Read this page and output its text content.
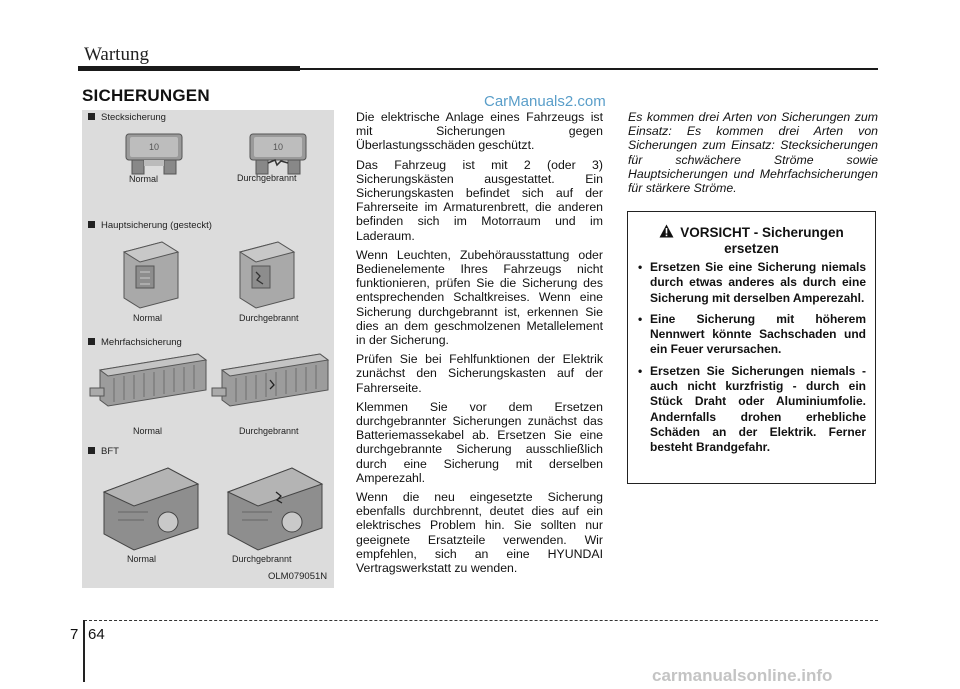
Wartung
SICHERUNGEN	CarManuals2.com
Stecksicherung
10	10
Normal	Durchgebrannt
Hauptsicherung (gesteckt)
Normal	Durchgebrannt
Mehrfachsicherung
Normal	Durchgebrannt
BFT
Normal	Durchgebrannt
OLM079051N

Die elektrische Anlage eines Fahrzeugs ist mit Sicherungen gegen Überlastungsschäden geschützt.

Das Fahrzeug ist mit 2 (oder 3) Sicherungskästen ausgestattet. Ein Sicherungskasten befindet sich auf der Fahrerseite im Armaturenbrett, die anderen befinden sich im Motorraum und im Laderaum.

Wenn Leuchten, Zubehörausstattung oder Bedienelemente Ihres Fahrzeugs nicht funktionieren, prüfen Sie die Sicherung des entsprechenden Schaltkreises. Wenn eine Sicherung durchgebrannt ist, erkennen Sie dies an dem geschmolzenen Metallelement in der Sicherung.

Prüfen Sie bei Fehlfunktionen der Elektrik zunächst den Sicherungskasten auf der Fahrerseite.

Klemmen Sie vor dem Ersetzen durchgebrannter Sicherungen zunächst das Batteriemassekabel ab. Ersetzen Sie eine durchgebrannte Sicherung ausschließlich durch eine Sicherung mit derselben Amperezahl.

Wenn die neu eingesetzte Sicherung ebenfalls durchbrennt, deutet dies auf ein elektrisches Problem hin. Sie sollten nur geeignete Ersatzteile verwenden. Wir empfehlen, sich an eine HYUNDAI Vertragswerkstatt zu wenden.

Es kommen drei Arten von Sicherungen zum Einsatz: Es kommen drei Arten von Sicherungen zum Einsatz: Stecksicherungen für schwächere Ströme sowie Hauptsicherungen und Mehrfachsicherungen für stärkere Ströme.

VORSICHT - Sicherungen
ersetzen
• Ersetzen Sie eine Sicherung niemals durch etwas anderes als durch eine Sicherung mit derselben Amperezahl.
• Eine Sicherung mit höherem Nennwert könnte Sachschaden und ein Feuer verursachen.
• Ersetzen Sie Sicherungen niemals - auch nicht kurzfristig - durch ein Stück Draht oder Aluminiumfolie. Andernfalls drohen erhebliche Schäden an der Elektrik. Ferner besteht Brandgefahr.
7 64
carmanualsonline.info
